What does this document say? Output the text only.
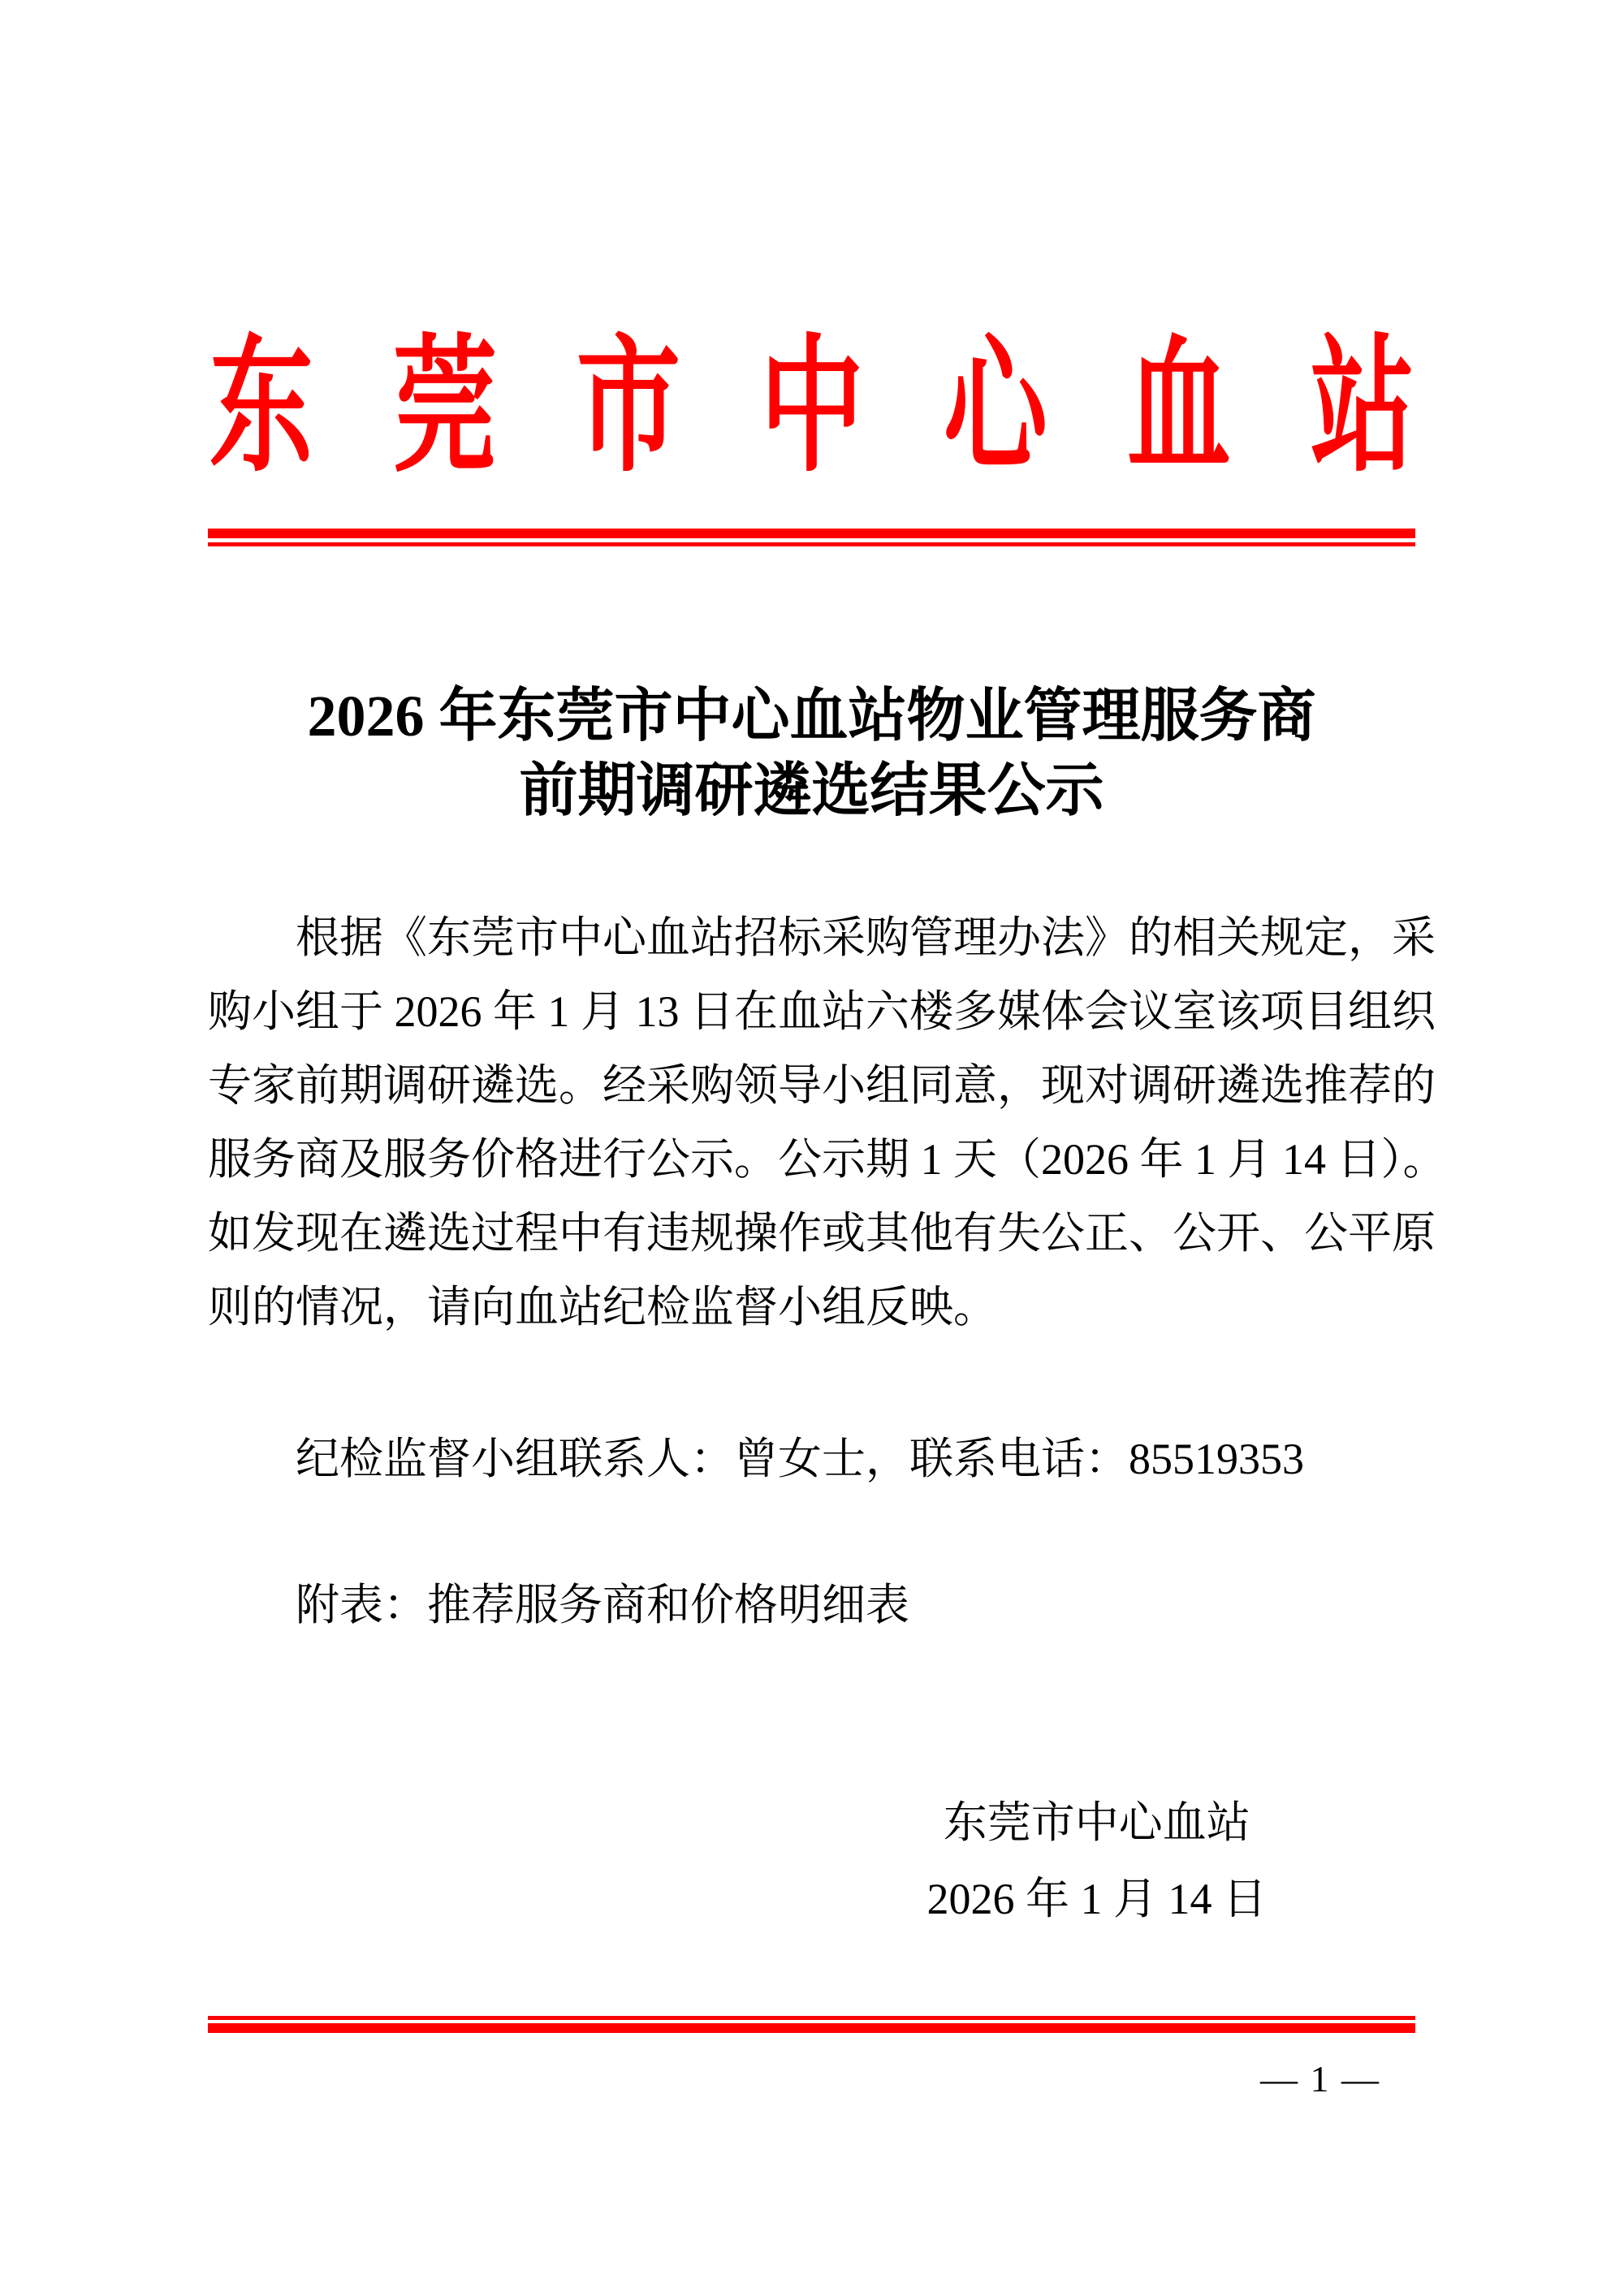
东 莞 市 中 心 血 站
2026 年东莞市中心血站物业管理服务商
前期调研遴选结果公示
根据《东莞市中心血站招标采购管理办法》的相关规定，采
购小组于 2026 年 1 月 13 日在血站六楼多媒体会议室该项目组织
专家前期调研遴选。经采购领导小组同意，现对调研遴选推荐的
服务商及服务价格进行公示。公示期 1 天（2026 年 1 月 14 日）。
如发现在遴选过程中有违规操作或其他有失公正、公开、公平原
则的情况，请向血站纪检监督小组反映。
纪检监督小组联系人：曾女士，联系电话：85519353
附表：推荐服务商和价格明细表
东莞市中心血站
2026 年 1 月 14 日
— 1 —
